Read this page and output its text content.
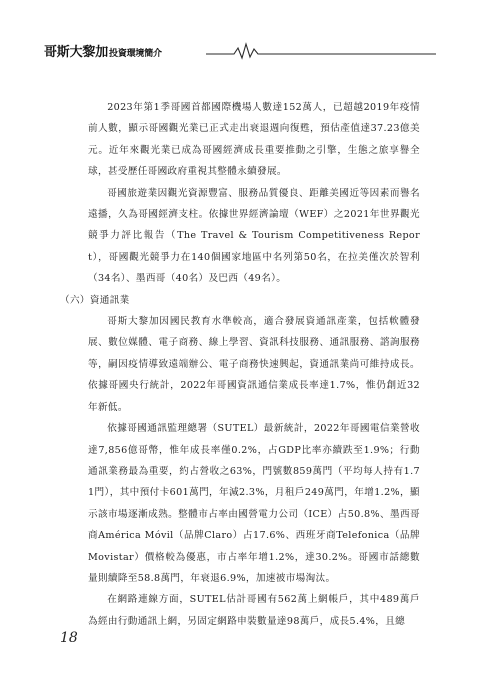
哥斯大黎加投資環境簡介

2023年第1季哥國首都國際機場人數達152萬人，已超越2019年疫情前人數，顯示哥國觀光業已正式走出衰退週向復甦，預估產值達37.23億美元。近年來觀光業已成為哥國經濟成長重要推動之引擎，生態之旅享譽全球，甚受歷任哥國政府重視其整體永續發展。

哥國旅遊業因觀光資源豐富、服務品質優良、距離美國近等因素而譽名遠播，久為哥國經濟支柱。依據世界經濟論壇（WEF）之2021年世界觀光競爭力評比報告（The Travel & Tourism Competitiveness Report），哥國觀光競爭力在140個國家地區中名列第50名，在拉美僅次於智利（34名）、墨西哥（40名）及巴西（49名）。

（六）資通訊業

哥斯大黎加因國民教育水準較高，適合發展資通訊產業，包括軟體發展、數位媒體、電子商務、線上學習、資訊科技服務、通訊服務、諮詢服務等，嗣因疫情導致遠端辦公、電子商務快速興起，資通訊業尚可維持成長。依據哥國央行統計，2022年哥國資訊通信業成長率達1.7%，惟仍創近32年新低。

依據哥國通訊監理總署（SUTEL）最新統計，2022年哥國電信業營收達7,856億哥幣，惟年成長率僅0.2%，占GDP比率亦續跌至1.9%；行動通訊業務最為重要，約占營收之63%，門號數859萬門（平均每人持有1.71門），其中預付卡601萬門，年減2.3%，月租戶249萬門，年增1.2%，顯示該市場逐漸成熟。整體市占率由國營電力公司（ICE）占50.8%、墨西哥商América Móvil（品牌Claro）占17.6%、西班牙商Telefonica（品牌Movistar）價格較為優惠，市占率年增1.2%，達30.2%。哥國市話總數量則續降至58.8萬門，年衰退6.9%，加速被市場淘汰。

在網路連線方面，SUTEL估計哥國有562萬上網帳戶，其中489萬戶為經由行動通訊上網，另固定網路申裝數量達98萬戶，成長5.4%，且總

18
